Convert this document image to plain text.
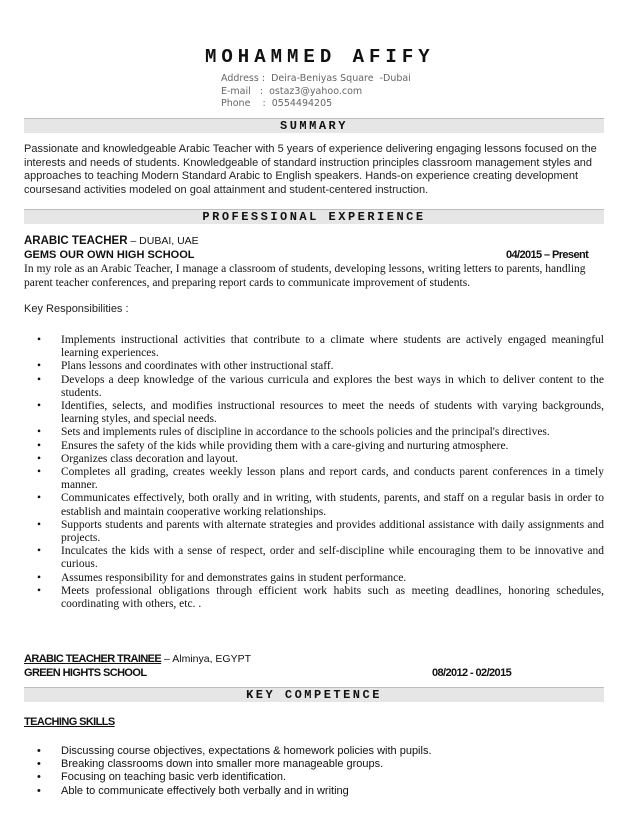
MOHAMMED AFIFY
Address :  Deira-Beniyas Square  -Dubai
E-mail   :  ostaz3@yahoo.com
Phone    :  0554494205
SUMMARY
Passionate and knowledgeable Arabic Teacher with 5 years of experience delivering engaging lessons focused on the interests and needs of students. Knowledgeable of standard instruction principles classroom management styles and approaches to teaching Modern Standard Arabic to English speakers. Hands-on experience creating development coursesand activities modeled on goal attainment and student-centered instruction.
PROFESSIONAL EXPERIENCE
ARABIC TEACHER – DUBAI, UAE
GEMS OUR OWN HIGH SCHOOL	04/2015 – Present
In my role as an Arabic Teacher, I manage a classroom of students, developing lessons, writing letters to parents, handling parent teacher conferences, and preparing report cards to communicate improvement of students.
Key Responsibilities :
• Implements instructional activities that contribute to a climate where students are actively engaged meaningful learning experiences.
• Plans lessons and coordinates with other instructional staff.
• Develops a deep knowledge of the various curricula and explores the best ways in which to deliver content to the students.
• Identifies, selects, and modifies instructional resources to meet the needs of students with varying backgrounds, learning styles, and special needs.
• Sets and implements rules of discipline in accordance to the schools policies and the principal's directives.
• Ensures the safety of the kids while providing them with a care-giving and nurturing atmosphere.
• Organizes class decoration and layout.
• Completes all grading, creates weekly lesson plans and report cards, and conducts parent conferences in a timely manner.
• Communicates effectively, both orally and in writing, with students, parents, and staff on a regular basis in order to establish and maintain cooperative working relationships.
• Supports students and parents with alternate strategies and provides additional assistance with daily assignments and projects.
• Inculcates the kids with a sense of respect, order and self-discipline while encouraging them to be innovative and curious.
• Assumes responsibility for and demonstrates gains in student performance.
• Meets professional obligations through efficient work habits such as meeting deadlines, honoring schedules, coordinating with others, etc. .
ARABIC TEACHER TRAINEE – Alminya, EGYPT
GREEN HIGHTS SCHOOL	08/2012 - 02/2015
KEY COMPETENCE
TEACHING SKILLS
• Discussing course objectives, expectations & homework policies with pupils.
• Breaking classrooms down into smaller more manageable groups.
• Focusing on teaching basic verb identification.
• Able to communicate effectively both verbally and in writing
